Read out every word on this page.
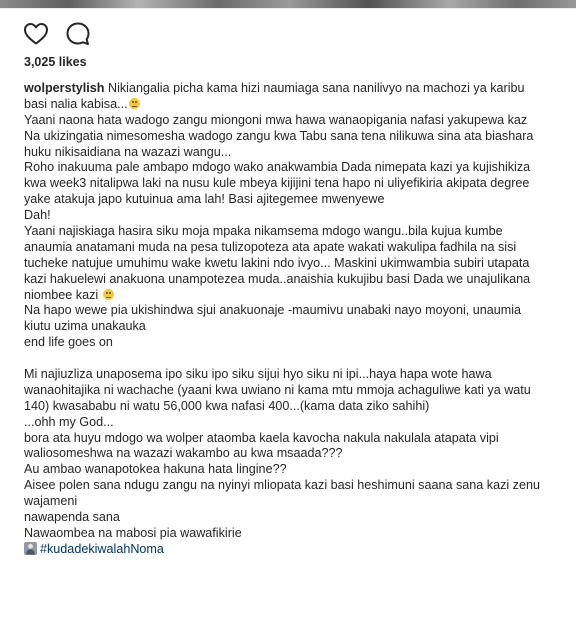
3,025 likes
wolperstylish Nikiangalia picha kama hizi naumiaga sana nanilivyo na machozi ya karibu
basi nalia kabisa...
Yaani naona hata wadogo zangu miongoni mwa hawa wanaopigania nafasi yakupewa kaz
Na ukizingatia nimesomesha wadogo zangu kwa Tabu sana tena nilikuwa sina ata biashara
huku nikisaidiana na wazazi wangu...
Roho inakuuma pale ambapo mdogo wako anakwambia Dada nimepata kazi ya kujishikiza
kwa week3 nitalipwa laki na nusu kule mbeya kijijini tena hapo ni uliyefikiria akipata degree
yake atakuja japo kutuinua ama lah! Basi ajitegemee mwenyewe
Dah!
Yaani najiskiaga hasira siku moja mpaka nikamsema mdogo wangu..bila kujua kumbe
anaumia anatamani muda na pesa tulizopoteza ata apate wakati wakulipa fadhila na sisi
tucheke natujue umuhimu wake kwetu lakini ndo ivyo... Maskini ukimwambia subiri utapata
kazi hakuelewi anakuona unampotezea muda..anaishia kukujibu basi Dada we unajulikana
niombee kazi
Na hapo wewe pia ukishindwa sjui anakuonaje -maumivu unabaki nayo moyoni, unaumia
kiutu uzima unakauka
end life goes on
Mi najiuzliza unaposema ipo siku ipo siku sijui hyo siku ni ipi...haya hapa wote hawa
wanaohitajika ni wachache (yaani kwa uwiano ni kama mtu mmoja achaguliwe kati ya watu
140) kwasababu ni watu 56,000 kwa nafasi 400...(kama data ziko sahihi)
...ohh my God...
bora ata huyu mdogo wa wolper ataomba kaela kavocha nakula nakulala atapata vipi
waliosomeshwa na wazazi wakambo au kwa msaada???
Au ambao wanapotokea hakuna hata lingine??
Aisee polen sana ndugu zangu na nyinyi mliopata kazi basi heshimuni saana sana kazi zenu
wajameni
nawapenda sana
Nawaombea na mabosi pia wawafikirie
#kudadekiwalahNoma
